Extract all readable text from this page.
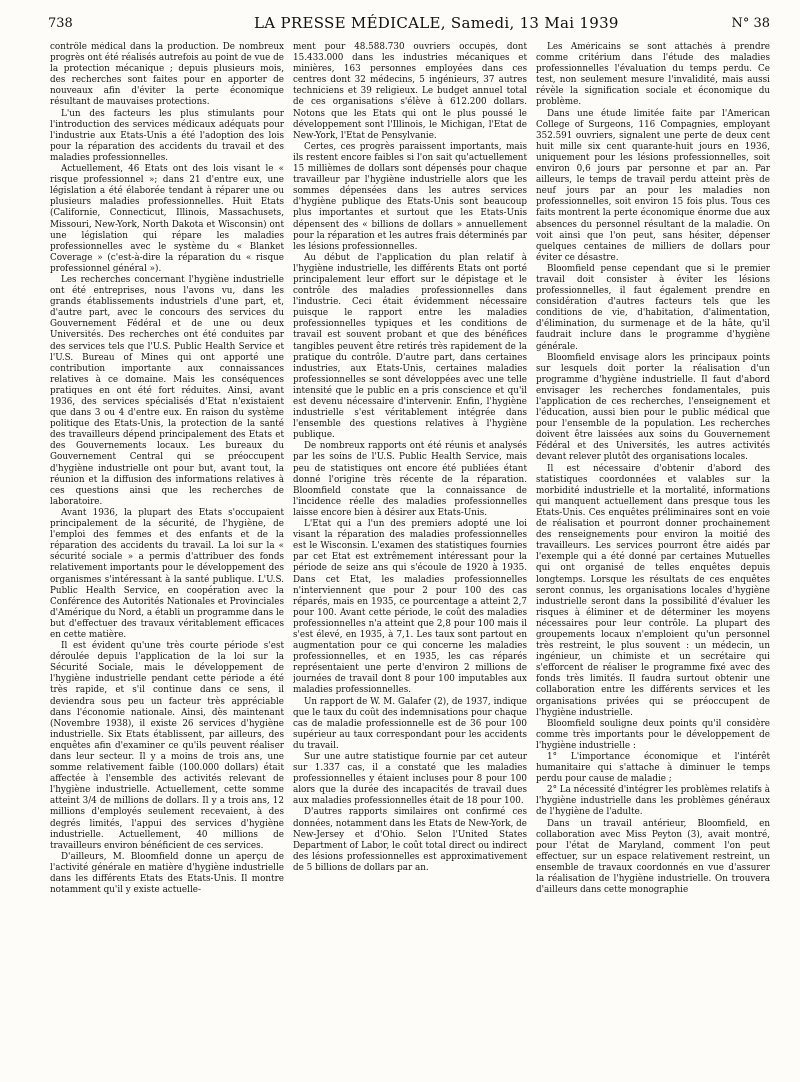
738	LA PRESSE MÉDICALE, Samedi, 13 Mai 1939	N° 38

contrôle médical dans la production. De nombreux progrès ont été réalisés autrefois au point de vue de la protection mécanique ; depuis plusieurs mois, des recherches sont faites pour en apporter de nouveaux afin d'éviter la perte économique résultant de mauvaises protections.

L'un des facteurs les plus stimulants pour l'introduction des services médicaux adéquats pour l'industrie aux Etats-Unis a été l'adoption des lois pour la réparation des accidents du travail et des maladies professionnelles.

Actuellement, 46 Etats ont des lois visant le « risque professionnel »; dans 21 d'entre eux, une législation a été élaborée tendant à réparer une ou plusieurs maladies professionnelles. Huit Etats (Californie, Connecticut, Illinois, Massachusets, Missouri, New-York, North Dakota et Wisconsin) ont une législation qui répare les maladies professionnelles avec le système du « Blanket Coverage » (c'est-à-dire la réparation du « risque professionnel général »).

Les recherches concernant l'hygiène industrielle ont été entreprises, nous l'avons vu, dans les grands établissements industriels d'une part, et, d'autre part, avec le concours des services du Gouvernement Fédéral et de une ou deux Universités. Des recherches ont été conduites par des services tels que l'U.S. Public Health Service et l'U.S. Bureau of Mines qui ont apporté une contribution importante aux connaissances relatives à ce domaine. Mais les conséquences pratiques en ont été fort réduites. Ainsi, avant 1936, des services spécialisés d'Etat n'existaient que dans 3 ou 4 d'entre eux. En raison du système politique des Etats-Unis, la protection de la santé des travailleurs dépend principalement des Etats et des Gouvernements locaux. Les bureaux du Gouvernement Central qui se préoccupent d'hygiène industrielle ont pour but, avant tout, la réunion et la diffusion des informations relatives à ces questions ainsi que les recherches de laboratoire.

Avant 1936, la plupart des Etats s'occupaient principalement de la sécurité, de l'hygiène, de l'emploi des femmes et des enfants et de la réparation des accidents du travail. La loi sur la « sécurité sociale » a permis d'attribuer des fonds relativement importants pour le développement des organismes s'intéressant à la santé publique. L'U.S. Public Health Service, en coopération avec la Conférence des Autorités Nationales et Provinciales d'Amérique du Nord, a établi un programme dans le but d'effectuer des travaux véritablement efficaces en cette matière.

Il est évident qu'une très courte période s'est déroulée depuis l'application de la loi sur la Sécurité Sociale, mais le développement de l'hygiène industrielle pendant cette période a été très rapide, et s'il continue dans ce sens, il deviendra sous peu un facteur très appréciable dans l'économie nationale. Ainsi, dès maintenant (Novembre 1938), il existe 26 services d'hygiène industrielle. Six Etats établissent, par ailleurs, des enquêtes afin d'examiner ce qu'ils peuvent réaliser dans leur secteur. Il y a moins de trois ans, une somme relativement faible (100.000 dollars) était affectée à l'ensemble des activités relevant de l'hygiène industrielle. Actuellement, cette somme atteint 3/4 de millions de dollars. Il y a trois ans, 12 millions d'employés seulement recevaient, à des degrés limités, l'appui des services d'hygiène industrielle. Actuellement, 40 millions de travailleurs environ bénéficient de ces services.

D'ailleurs, M. Bloomfield donne un aperçu de l'activité générale en matière d'hygiène industrielle dans les différents Etats des Etats-Unis. Il montre notamment qu'il y existe actuelle-

ment pour 48.588.730 ouvriers occupés, dont 15.433.000 dans les industries mécaniques et minières, 163 personnes employées dans ces centres dont 32 médecins, 5 ingénieurs, 37 autres techniciens et 39 religieux. Le budget annuel total de ces organisations s'élève à 612.200 dollars. Notons que les Etats qui ont le plus poussé le développement sont l'Illinois, le Michigan, l'Etat de New-York, l'Etat de Pensylvanie.

Certes, ces progrès paraissent importants, mais ils restent encore faibles si l'on sait qu'actuellement 15 millièmes de dollars sont dépensés pour chaque travailleur par l'hygiène industrielle alors que les sommes dépensées dans les autres services d'hygiène publique des Etats-Unis sont beaucoup plus importantes et surtout que les Etats-Unis dépensent des « billions de dollars » annuellement pour la réparation et les autres frais déterminés par les lésions professionnelles.

Au début de l'application du plan relatif à l'hygiène industrielle, les différents Etats ont porté principalement leur effort sur le dépistage et le contrôle des maladies professionnelles dans l'industrie. Ceci était évidemment nécessaire puisque le rapport entre les maladies professionnelles typiques et les conditions de travail est souvent probant et que des bénéfices tangibles peuvent être retirés très rapidement de la pratique du contrôle. D'autre part, dans certaines industries, aux Etats-Unis, certaines maladies professionnelles se sont développées avec une telle intensité que le public en a pris conscience et qu'il est devenu nécessaire d'intervenir. Enfin, l'hygiène industrielle s'est véritablement intégrée dans l'ensemble des questions relatives à l'hygiène publique.

De nombreux rapports ont été réunis et analysés par les soins de l'U.S. Public Health Service, mais peu de statistiques ont encore été publiées étant donné l'origine très récente de la réparation. Bloomfield constate que la connaissance de l'incidence réelle des maladies professionnelles laisse encore bien à désirer aux Etats-Unis.

L'Etat qui a l'un des premiers adopté une loi visant la réparation des maladies professionnelles est le Wisconsin. L'examen des statistiques fournies par cet Etat est extrêmement intéressant pour la période de seize ans qui s'écoule de 1920 à 1935. Dans cet Etat, les maladies professionnelles n'interviennent que pour 2 pour 100 des cas réparés, mais en 1935, ce pourcentage a atteint 2,7 pour 100. Avant cette période, le coût des maladies professionnelles n'a atteint que 2,8 pour 100 mais il s'est élevé, en 1935, à 7,1. Les taux sont partout en augmentation pour ce qui concerne les maladies professionnelles, et en 1935, les cas réparés représentaient une perte d'environ 2 millions de journées de travail dont 8 pour 100 imputables aux maladies professionnelles.

Un rapport de W. M. Galafer (2), de 1937, indique que le taux du coût des indemnisations pour chaque cas de maladie professionnelle est de 36 pour 100 supérieur au taux correspondant pour les accidents du travail.

Sur une autre statistique fournie par cet auteur sur 1.337 cas, il a constaté que les maladies professionnelles y étaient incluses pour 8 pour 100 alors que la durée des incapacités de travail dues aux maladies professionnelles était de 18 pour 100.

D'autres rapports similaires ont confirmé ces données, notamment dans les Etats de New-York, de New-Jersey et d'Ohio. Selon l'United States Department of Labor, le coût total direct ou indirect des lésions professionnelles est approximativement de 5 billions de dollars par an.

Les Américains se sont attachés à prendre comme critérium dans l'étude des maladies professionnelles l'évaluation du temps perdu. Ce test, non seulement mesure l'invalidité, mais aussi révèle la signification sociale et économique du problème.

Dans une étude limitée faite par l'American College of Surgeons, 116 Compagnies, employant 352.591 ouvriers, signalent une perte de deux cent huit mille six cent quarante-huit jours en 1936, uniquement pour les lésions professionnelles, soit environ 0,6 jours par personne et par an. Par ailleurs, le temps de travail perdu atteint près de neuf jours par an pour les maladies non professionnelles, soit environ 15 fois plus. Tous ces faits montrent la perte économique énorme due aux absences du personnel résultant de la maladie. On voit ainsi que l'on peut, sans hésiter, dépenser quelques centaines de milliers de dollars pour éviter ce désastre.

Bloomfield pense cependant que si le premier travail doit consister à éviter les lésions professionnelles, il faut également prendre en considération d'autres facteurs tels que les conditions de vie, d'habitation, d'alimentation, d'élimination, du surmenage et de la hâte, qu'il faudrait inclure dans le programme d'hygiène générale.

Bloomfield envisage alors les principaux points sur lesquels doit porter la réalisation d'un programme d'hygiène industrielle. Il faut d'abord envisager les recherches fondamentales, puis l'application de ces recherches, l'enseignement et l'éducation, aussi bien pour le public médical que pour l'ensemble de la population. Les recherches doivent être laissées aux soins du Gouvernement Fédéral et des Universités, les autres activités devant relever plutôt des organisations locales.

Il est nécessaire d'obtenir d'abord des statistiques coordonnées et valables sur la morbidité industrielle et la mortalité, informations qui manquent actuellement dans presque tous les Etats-Unis. Ces enquêtes préliminaires sont en voie de réalisation et pourront donner prochainement des renseignements pour environ la moitié des travailleurs. Les services pourront être aidés par l'exemple qui a été donné par certaines Mutuelles qui ont organisé de telles enquêtes depuis longtemps. Lorsque les résultats de ces enquêtes seront connus, les organisations locales d'hygiène industrielle seront dans la possibilité d'évaluer les risques à éliminer et de déterminer les moyens nécessaires pour leur contrôle. La plupart des groupements locaux n'emploient qu'un personnel très restreint, le plus souvent : un médecin, un ingénieur, un chimiste et un secrétaire qui s'efforcent de réaliser le programme fixé avec des fonds très limités. Il faudra surtout obtenir une collaboration entre les différents services et les organisations privées qui se préoccupent de l'hygiène industrielle.

Bloomfield souligne deux points qu'il considère comme très importants pour le développement de l'hygiène industrielle :

1° L'importance économique et l'intérêt humanitaire qui s'attache à diminuer le temps perdu pour cause de maladie ;

2° La nécessité d'intégrer les problèmes relatifs à l'hygiène industrielle dans les problèmes généraux de l'hygiène de l'adulte.

Dans un travail antérieur, Bloomfield, en collaboration avec Miss Peyton (3), avait montré, pour l'état de Maryland, comment l'on peut effectuer, sur un espace relativement restreint, un ensemble de travaux coordonnés en vue d'assurer la réalisation de l'hygiène industrielle. On trouvera d'ailleurs dans cette monographie
